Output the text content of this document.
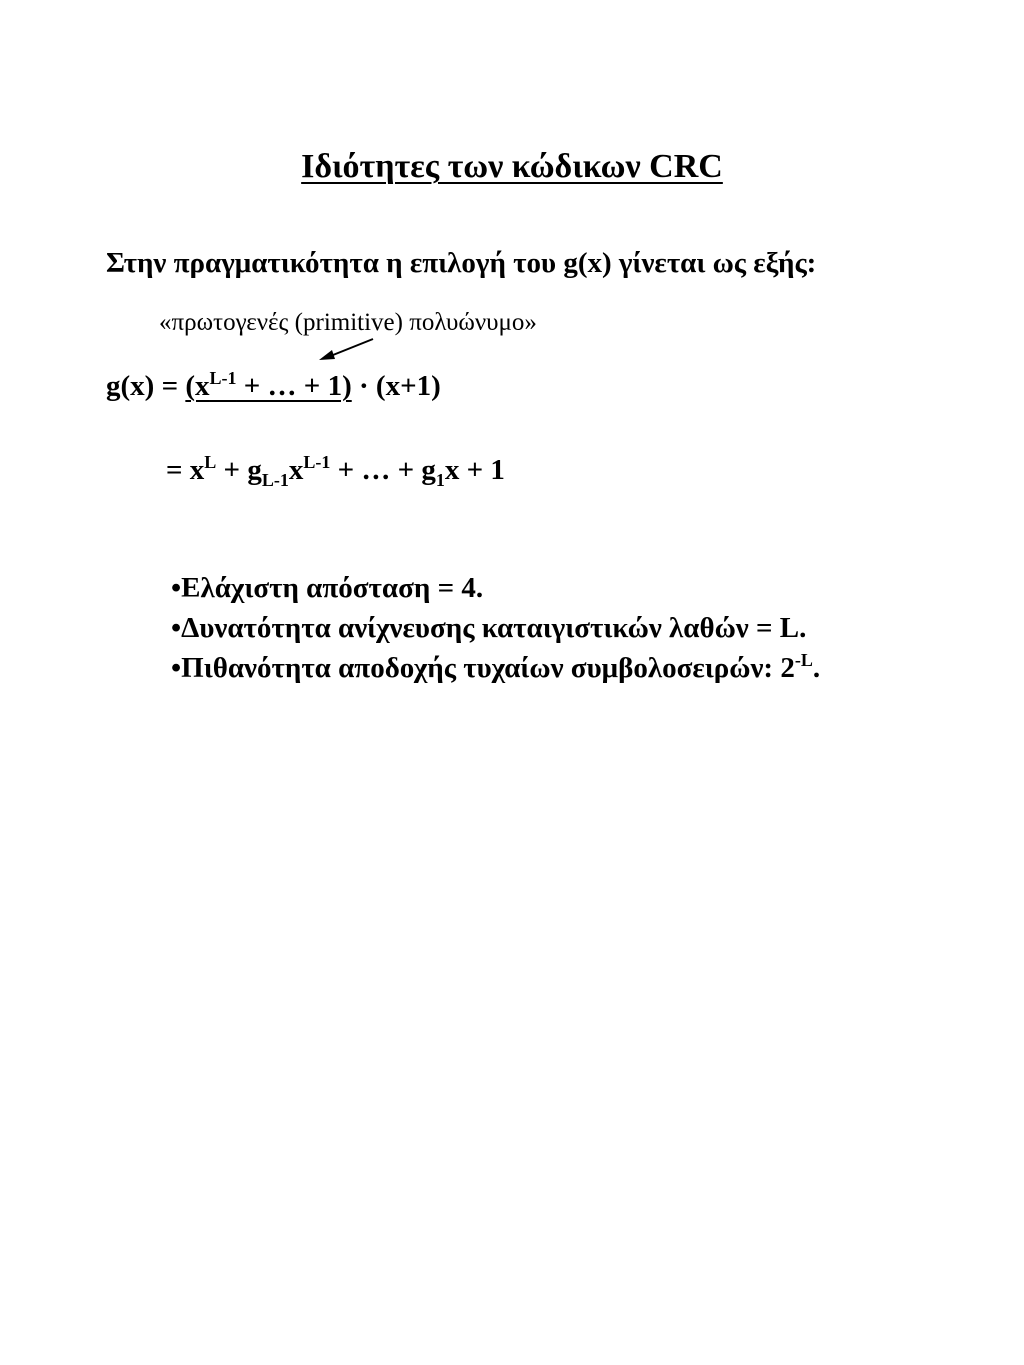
Ιδιότητες των κώδικων CRC
Στην πραγματικότητα η επιλογή του g(x) γίνεται ως εξής:
«πρωτογενές (primitive) πολυώνυμο»
$g(x) = (x^{L-1}$ + … + 1) · (x+1)
= $x^L + g_{L-1}x^{L-1}$ + … + $g_1x + 1$
•Ελάχιστη απόσταση = 4.
•Δυνατότητα ανίχνευσης καταιγιστικών λαθών = L.
•Πιθανότητα αποδοχής τυχαίων συμβολοσειρών: $2^{-L}$.
